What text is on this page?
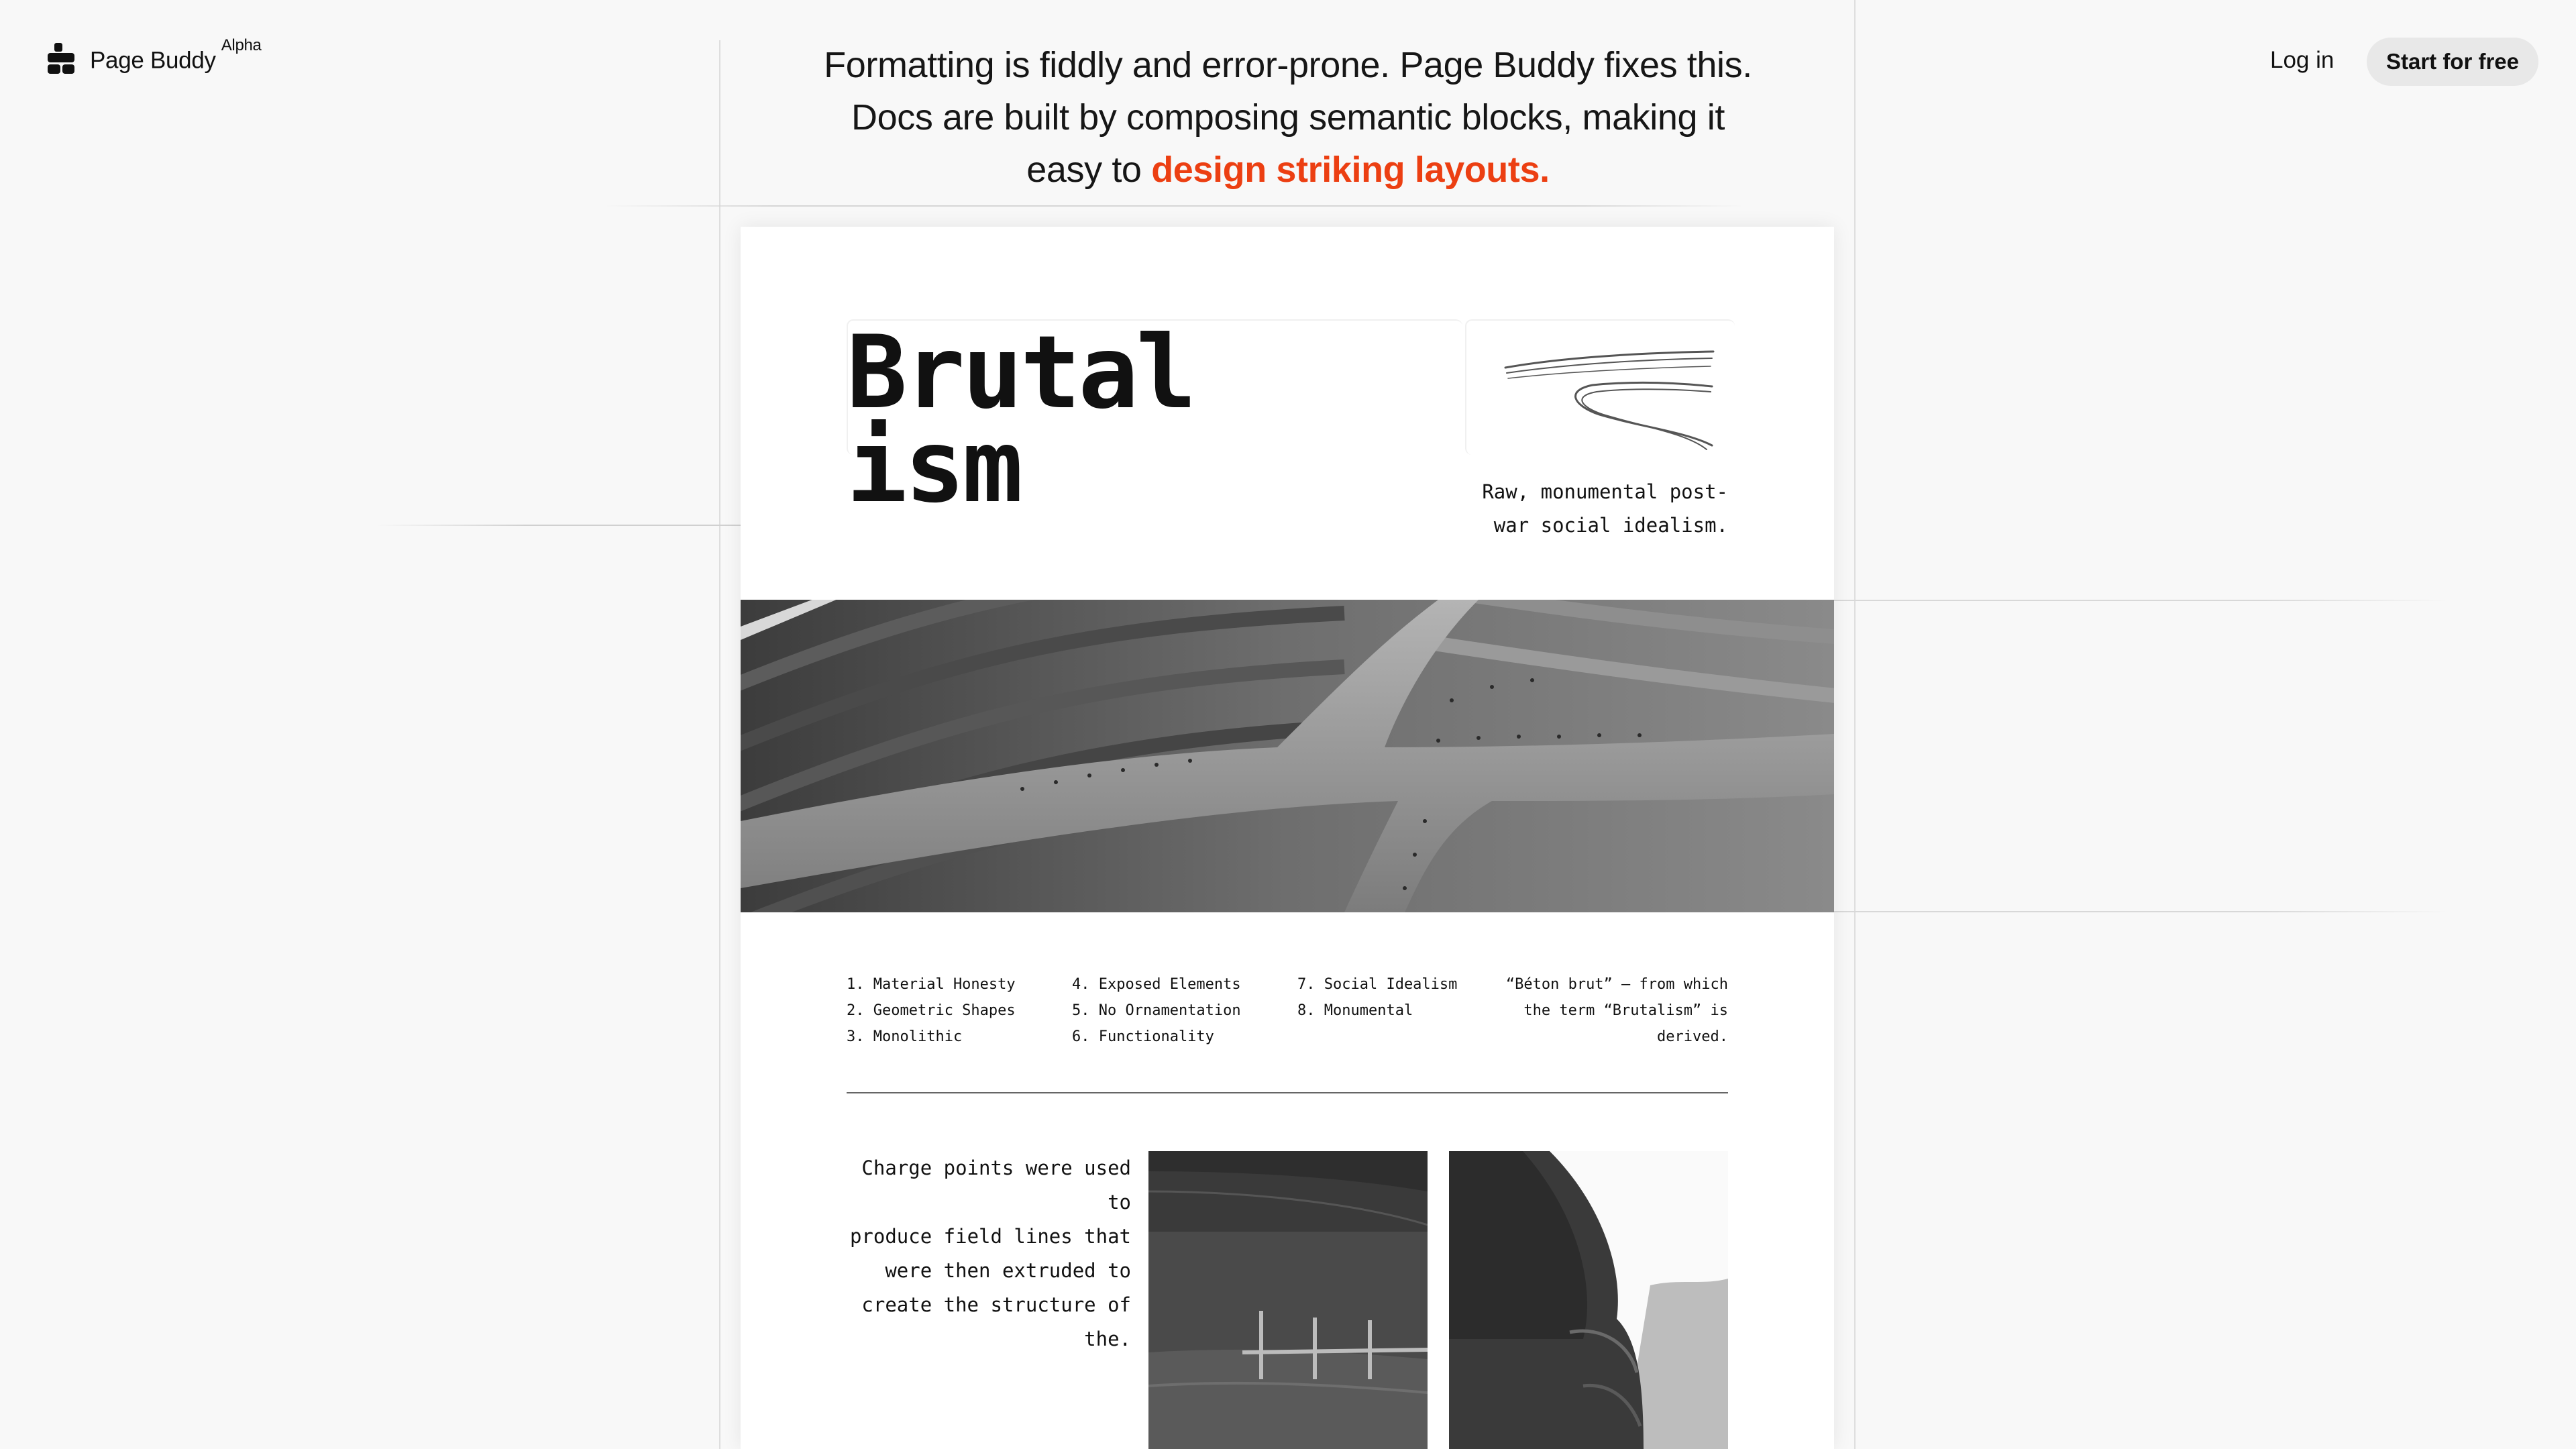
Page Buddy$^{Alpha}$	Formatting is fiddly and error-prone. Page Buddy fixes this.
Docs are built by composing semantic blocks, making it
easy to design striking layouts.
Log in	Start for free
Brutal
ism	Raw, monumental post-
war social idealism.
1. Material Honesty
2. Geometric Shapes
3. Monolithic
4. Exposed Elements
5. No Ornamentation
6. Functionality
7. Social Idealism
8. Monumental
“Béton brut” — from which
the term “Brutalism” is
derived.
Charge points were used to
produce field lines that
were then extruded to
create the structure of
the.
